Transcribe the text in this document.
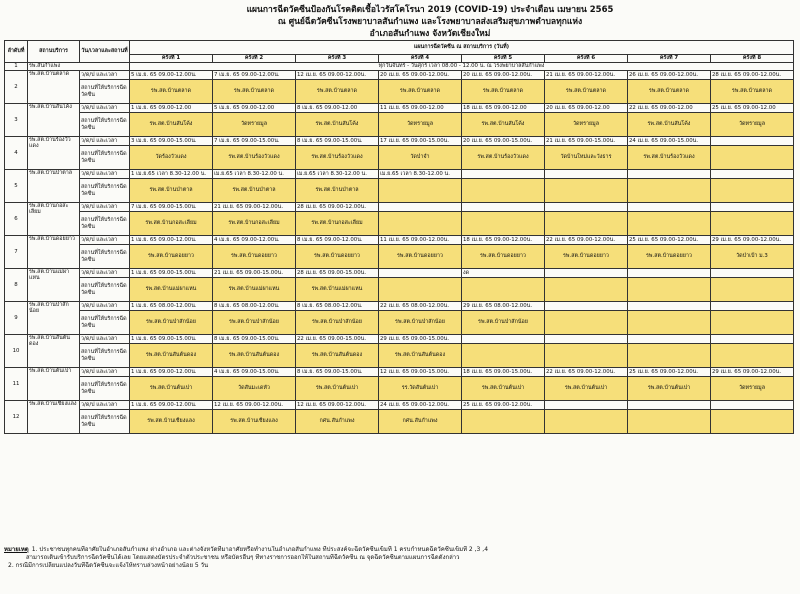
แผนการฉีดวัคซีนป้องกันโรคติดเชื้อไวรัสโคโรนา 2019 (COVID-19) ประจำเดือน เมษายน 2565
ณ ศูนย์ฉีดวัคซีนโรงพยาบาลสันกำแพง และโรงพยาบาลส่งเสริมสุขภาพตำบลทุกแห่ง
อำเภอสันกำแพง จังหวัดเชียงใหม่
ลำดับที่	สถานบริการ	วัน/เวลาและสถานที่	แผนการฉีดวัคซีน ณ สถานบริการ (วันที่)							
			ครั้งที่ 1	ครั้งที่ 2	ครั้งที่ 3	ครั้งที่ 4	ครั้งที่ 5	ครั้งที่ 6	ครั้งที่ 7	ครั้งที่ 8
1	รพ.สันกำแพง		ทุกวันจันทร์ - วันศุกร์ เวลา 08.00 - 12.00 น. ณ โรงพยาบาลสันกำแพง							
2	รพ.สต.บ้านตลาด	ว/ด/ป และเวลา	5 เม.ย. 65 09.00-12.00น.	7 เม.ย. 65 09.00-12.00น.	12 เม.ย. 65 09.00-12.00น.	20 เม.ย. 65 09.00-12.00น.	20 เม.ย. 65 09.00-12.00น.	21 เม.ย. 65 09.00-12.00น.	26 เม.ย. 65 09.00-12.00น.	28 เม.ย. 65 09.00-12.00น.
		สถานที่ให้บริการฉีดวัคซีน	รพ.สต.บ้านตลาด	รพ.สต.บ้านตลาด	รพ.สต.บ้านตลาด	รพ.สต.บ้านตลาด	รพ.สต.บ้านตลาด	รพ.สต.บ้านตลาด	รพ.สต.บ้านตลาด	รพ.สต.บ้านตลาด
3	รพ.สต.บ้านสันโค้ง	ว/ด/ป และเวลา	1 เม.ย. 65 09.00-12.00	5 เม.ย. 65 09.00-12.00	8 เม.ย. 65 09.00-12.00	11 เม.ย. 65 09.00-12.00	18 เม.ย. 65 09.00-12.00	20 เม.ย. 65 09.00-12.00	22 เม.ย. 65 09.00-12.00	25 เม.ย. 65 09.00-12.00
		สถานที่ให้บริการฉีดวัคซีน	รพ.สต.บ้านสันโค้ง	วัดทรายมูล	รพ.สต.บ้านสันโค้ง	วัดทรายมูล	รพ.สต.บ้านสันโค้ง	วัดทรายมูล	รพ.สต.บ้านสันโค้ง	วัดทรายมูล
4	รพ.สต.บ้านร้องวัวแดง	ว/ด/ป และเวลา	3 เม.ย. 65 09.00-15.00น.	7 เม.ย. 65 09.00-15.00น.	8 เม.ย. 65 09.00-15.00น.	17 เม.ย. 65 09.00-15.00น.	20 เม.ย. 65 09.00-15.00น.	21 เม.ย. 65 09.00-15.00น.	24 เม.ย. 65 09.00-15.00น.	
		สถานที่ให้บริการฉีดวัคซีน	วัดร้องวัวแดง	รพ.สต.บ้านร้องวัวแดง	รพ.สต.บ้านร้องวัวแดง	วัดป่าจำ	รพ.สต.บ้านร้องวัวแดง	วัดบ้านใหม่และวังธาร	รพ.สต.บ้านร้องวัวแดง	
5	รพ.สต.บ้านป่าตาล	ว/ด/ป และเวลา	1 เม.ย.65 เวลา 8.30-12.00 น.	เม.ย.65 เวลา 8.30-12.00 น.	เม.ย.65 เวลา 8.30-12.00 น.	เม.ย.65 เวลา 8.30-12.00 น.				
		สถานที่ให้บริการฉีดวัคซีน	รพ.สต.บ้านป่าตาล	รพ.สต.บ้านป่าตาล	รพ.สต.บ้านป่าตาล					
6	รพ.สต.บ้านกอสะเลียม	ว/ด/ป และเวลา	7 เม.ย. 65 09.00-15.00น.	21 เม.ย. 65 09.00-12.00น.	28 เม.ย. 65 09.00-12.00น.					
		สถานที่ให้บริการฉีดวัคซีน	รพ.สต.บ้านกอสะเลียม	รพ.สต.บ้านกอสะเลียม	รพ.สต.บ้านกอสะเลียม					
7	รพ.สต.บ้านดอยยาว	ว/ด/ป และเวลา	1 เม.ย. 65 09.00-12.00น.	4 เม.ย. 65 09.00-12.00น.	8 เม.ย. 65 09.00-12.00น.	11 เม.ย. 65 09.00-12.00น.	18 เม.ย. 65 09.00-12.00น.	22 เม.ย. 65 09.00-12.00น.	25 เม.ย. 65 09.00-12.00น.	29 เม.ย. 65 09.00-12.00น.
		สถานที่ให้บริการฉีดวัคซีน	รพ.สต.บ้านดอยยาว	รพ.สต.บ้านดอยยาว	รพ.สต.บ้านดอยยาว	รพ.สต.บ้านดอยยาว	รพ.สต.บ้านดอยยาว	รพ.สต.บ้านดอยยาว	รพ.สต.บ้านดอยยาว	วัดป่าเป้า ม.3
8	รพ.สต.บ้านแม่ผาแหน	ว/ด/ป และเวลา	1 เม.ย. 65 09.00-15.00น.	21 เม.ย. 65 09.00-15.00น.	28 เม.ย. 65 09.00-15.00น.		งด			
		สถานที่ให้บริการฉีดวัคซีน	รพ.สต.บ้านแม่ผาแหน	รพ.สต.บ้านแม่ผาแหน	รพ.สต.บ้านแม่ผาแหน					
9	รพ.สต.บ้านป่าสักน้อย	ว/ด/ป และเวลา	1 เม.ย. 65 08.00-12.00น.	8 เม.ย. 65 08.00-12.00น.	8 เม.ย. 65 08.00-12.00น.	22 เม.ย. 65 08.00-12.00น.	29 เม.ย. 65 08.00-12.00น.			
		สถานที่ให้บริการฉีดวัคซีน	รพ.สต.บ้านป่าสักน้อย	รพ.สต.บ้านป่าสักน้อย	รพ.สต.บ้านป่าสักน้อย	รพ.สต.บ้านป่าสักน้อย	รพ.สต.บ้านป่าสักน้อย			
10	รพ.สต.บ้านสันต้นดอง	ว/ด/ป และเวลา	1 เม.ย. 65 09.00-15.00น.	8 เม.ย. 65 09.00-15.00น.	22 เม.ย. 65 09.00-15.00น.	29 เม.ย. 65 09.00-15.00น.				
		สถานที่ให้บริการฉีดวัคซีน	รพ.สต.บ้านสันต้นดอง	รพ.สต.บ้านสันต้นดอง	รพ.สต.บ้านสันต้นดอง	รพ.สต.บ้านสันต้นดอง				
11	รพ.สต.บ้านต้นเปา	ว/ด/ป และเวลา	1 เม.ย. 65 09.00-12.00น.	4 เม.ย. 65 09.00-15.00น.	8 เม.ย. 65 09.00-15.00น.	12 เม.ย. 65 09.00-15.00น.	18 เม.ย. 65 09.00-15.00น.	22 เม.ย. 65 09.00-12.00น.	25 เม.ย. 65 09.00-12.00น.	29 เม.ย. 65 09.00-12.00น.
		สถานที่ให้บริการฉีดวัคซีน	รพ.สต.บ้านต้นเปา	วัดสันมะเดหัว	รพ.สต.บ้านต้นเปา	รร.วัดสันต้นเปา	รพ.สต.บ้านต้นเปา	รพ.สต.บ้านต้นเปา	รพ.สต.บ้านต้นเปา	วัดทรายมูล
12	รพ.สต.บ้านเชียงแลง	ว/ด/ป และเวลา	1 เม.ย. 65 09.00-12.00น.	12 เม.ย. 65 09.00-12.00น.	12 เม.ย. 65 09.00-12.00น.	24 เม.ย. 65 09.00-12.00น.	25 เม.ย. 65 09.00-12.00น.			
		สถานที่ให้บริการฉีดวัคซีน	รพ.สต.บ้านเชียงแลง	รพ.สต.บ้านเชียงแลง	กศน.สันกำแพง	กศน.สันกำแพง				
หมายเหตุ 1. ประชาชนทุกคนที่อาศัยในอำเภอสันกำแพง ต่างอำเภอ และต่างจังหวัดที่มาอาศัยหรือทำงานในอำเภอสันกำแพง ที่ประสงค์จะฉีดวัคซีนเข็มที่ 1 ครบกำหนดฉีดวัคซีนเข็มที่ 2 ,3 ,4
สามารถเดินเข้ารับบริการฉีดวัคซีนได้เลย โดยแสดงบัตรประจำตัวประชาชน หรือบัตรอื่นๆ ที่ทางราชการออกให้ในสถานที่ฉีดวัคซีน ณ จุดฉีดวัคซีนตามแผนการฉีดดังกล่าว
2. กรณีมีการเปลี่ยนแปลงวันที่ฉีดวัคซีนจะแจ้งให้ทราบล่วงหน้าอย่างน้อย 5 วัน
